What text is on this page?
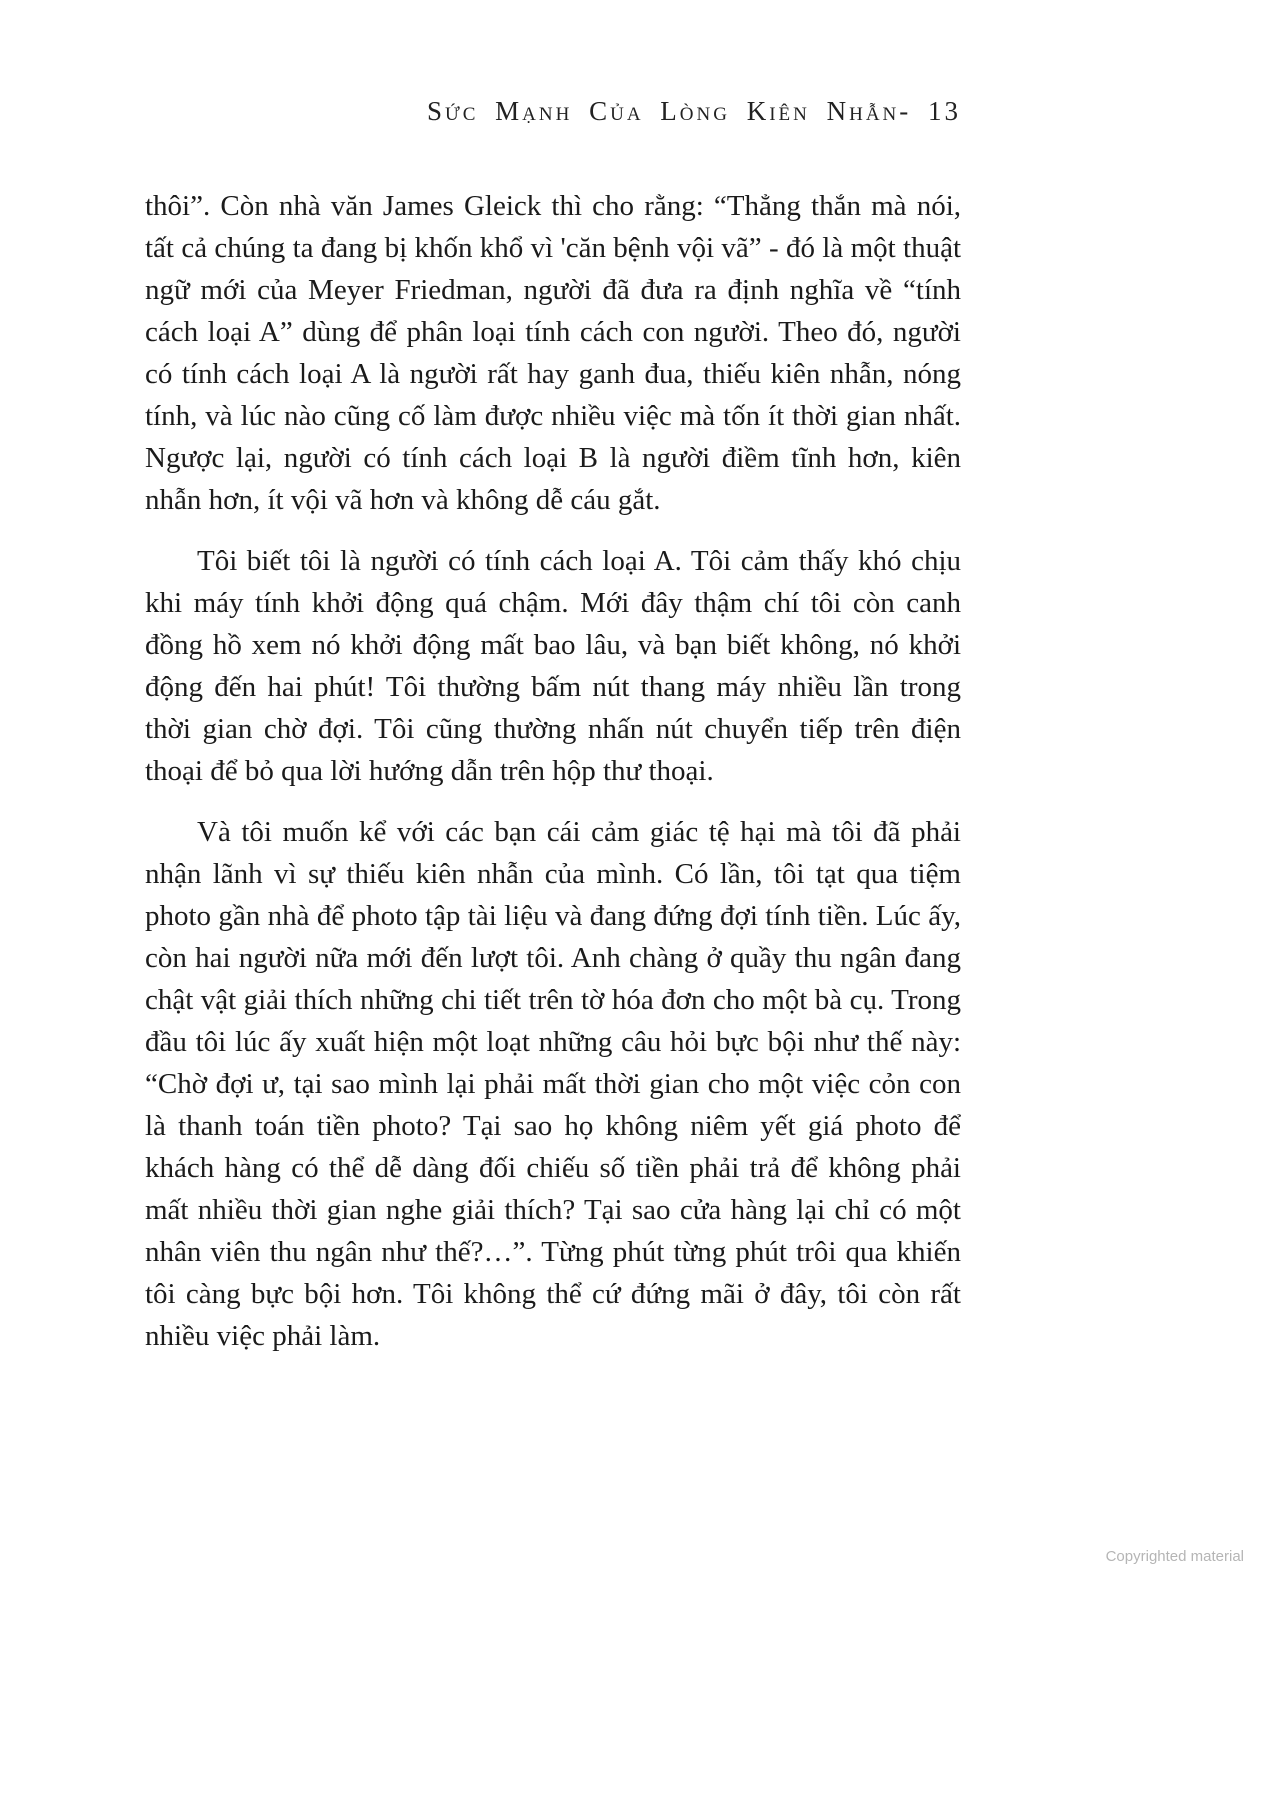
Sức Mạnh Của Lòng Kiên Nhẫn- 13

thôi”. Còn nhà văn James Gleick thì cho rằng: “Thẳng thắn mà nói, tất cả chúng ta đang bị khốn khổ vì 'căn bệnh vội vã” - đó là một thuật ngữ mới của Meyer Friedman, người đã đưa ra định nghĩa về “tính cách loại A” dùng để phân loại tính cách con người. Theo đó, người có tính cách loại A là người rất hay ganh đua, thiếu kiên nhẫn, nóng tính, và lúc nào cũng cố làm được nhiều việc mà tốn ít thời gian nhất. Ngược lại, người có tính cách loại B là người điềm tĩnh hơn, kiên nhẫn hơn, ít vội vã hơn và không dễ cáu gắt.

Tôi biết tôi là người có tính cách loại A. Tôi cảm thấy khó chịu khi máy tính khởi động quá chậm. Mới đây thậm chí tôi còn canh đồng hồ xem nó khởi động mất bao lâu, và bạn biết không, nó khởi động đến hai phút! Tôi thường bấm nút thang máy nhiều lần trong thời gian chờ đợi. Tôi cũng thường nhấn nút chuyển tiếp trên điện thoại để bỏ qua lời hướng dẫn trên hộp thư thoại.

Và tôi muốn kể với các bạn cái cảm giác tệ hại mà tôi đã phải nhận lãnh vì sự thiếu kiên nhẫn của mình. Có lần, tôi tạt qua tiệm photo gần nhà để photo tập tài liệu và đang đứng đợi tính tiền. Lúc ấy, còn hai người nữa mới đến lượt tôi. Anh chàng ở quầy thu ngân đang chật vật giải thích những chi tiết trên tờ hóa đơn cho một bà cụ. Trong đầu tôi lúc ấy xuất hiện một loạt những câu hỏi bực bội như thế này: “Chờ đợi ư, tại sao mình lại phải mất thời gian cho một việc cỏn con là thanh toán tiền photo? Tại sao họ không niêm yết giá photo để khách hàng có thể dễ dàng đối chiếu số tiền phải trả để không phải mất nhiều thời gian nghe giải thích? Tại sao cửa hàng lại chỉ có một nhân viên thu ngân như thế?…”. Từng phút từng phút trôi qua khiến tôi càng bực bội hơn. Tôi không thể cứ đứng mãi ở đây, tôi còn rất nhiều việc phải làm.

Copyrighted material
